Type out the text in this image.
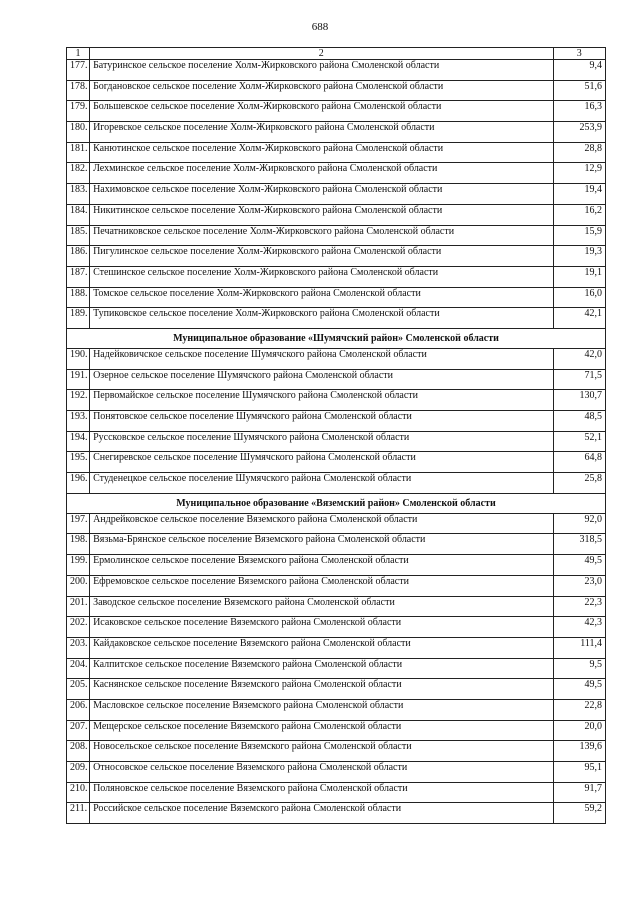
688
1	2	3
177.	Батуринское сельское поселение Холм-Жирковского района Смоленской области	9,4
178.	Богдановское сельское поселение Холм-Жирковского района Смоленской области	51,6
179.	Большевское сельское поселение Холм-Жирковского района Смоленской области	16,3
180.	Игоревское сельское поселение Холм-Жирковского района Смоленской области	253,9
181.	Канютинское сельское поселение Холм-Жирковского района Смоленской области	28,8
182.	Лехминское сельское поселение Холм-Жирковского района Смоленской области	12,9
183.	Нахимовское сельское поселение Холм-Жирковского района Смоленской области	19,4
184.	Никитинское сельское поселение Холм-Жирковского района Смоленской области	16,2
185.	Печатниковское сельское поселение Холм-Жирковского района Смоленской области	15,9
186.	Пигулинское сельское поселение Холм-Жирковского района Смоленской области	19,3
187.	Стешинское сельское поселение Холм-Жирковского района Смоленской области	19,1
188.	Томское сельское поселение Холм-Жирковского района Смоленской области	16,0
189.	Тупиковское сельское поселение Холм-Жирковского района Смоленской области	42,1
Муниципальное образование «Шумячский район» Смоленской области		
190.	Надейковичское сельское поселение Шумячского района Смоленской области	42,0
191.	Озерное сельское поселение Шумячского района Смоленской области	71,5
192.	Первомайское сельское поселение Шумячского района Смоленской области	130,7
193.	Понятовское сельское поселение Шумячского района Смоленской области	48,5
194.	Руссковское сельское поселение Шумячского района Смоленской области	52,1
195.	Снегиревское сельское поселение Шумячского района Смоленской области	64,8
196.	Студенецкое сельское поселение Шумячского района Смоленской области	25,8
Муниципальное образование «Вяземский район» Смоленской области		
197.	Андрейковское сельское поселение Вяземского района Смоленской области	92,0
198.	Вязьма-Брянское сельское поселение Вяземского района Смоленской области	318,5
199.	Ермолинское сельское поселение Вяземского района Смоленской области	49,5
200.	Ефремовское сельское поселение Вяземского района Смоленской области	23,0
201.	Заводское сельское поселение Вяземского района Смоленской области	22,3
202.	Исаковское сельское поселение Вяземского района Смоленской области	42,3
203.	Кайдаковское сельское поселение Вяземского района Смоленской области	111,4
204.	Калпитское сельское поселение Вяземского района Смоленской области	9,5
205.	Каснянское сельское поселение Вяземского района Смоленской области	49,5
206.	Масловское сельское поселение Вяземского района Смоленской области	22,8
207.	Мещерское сельское поселение Вяземского района Смоленской области	20,0
208.	Новосельское сельское поселение Вяземского района Смоленской области	139,6
209.	Относовское сельское поселение Вяземского района Смоленской области	95,1
210.	Поляновское сельское поселение Вяземского района Смоленской области	91,7
211.	Российское сельское поселение Вяземского района Смоленской области	59,2
